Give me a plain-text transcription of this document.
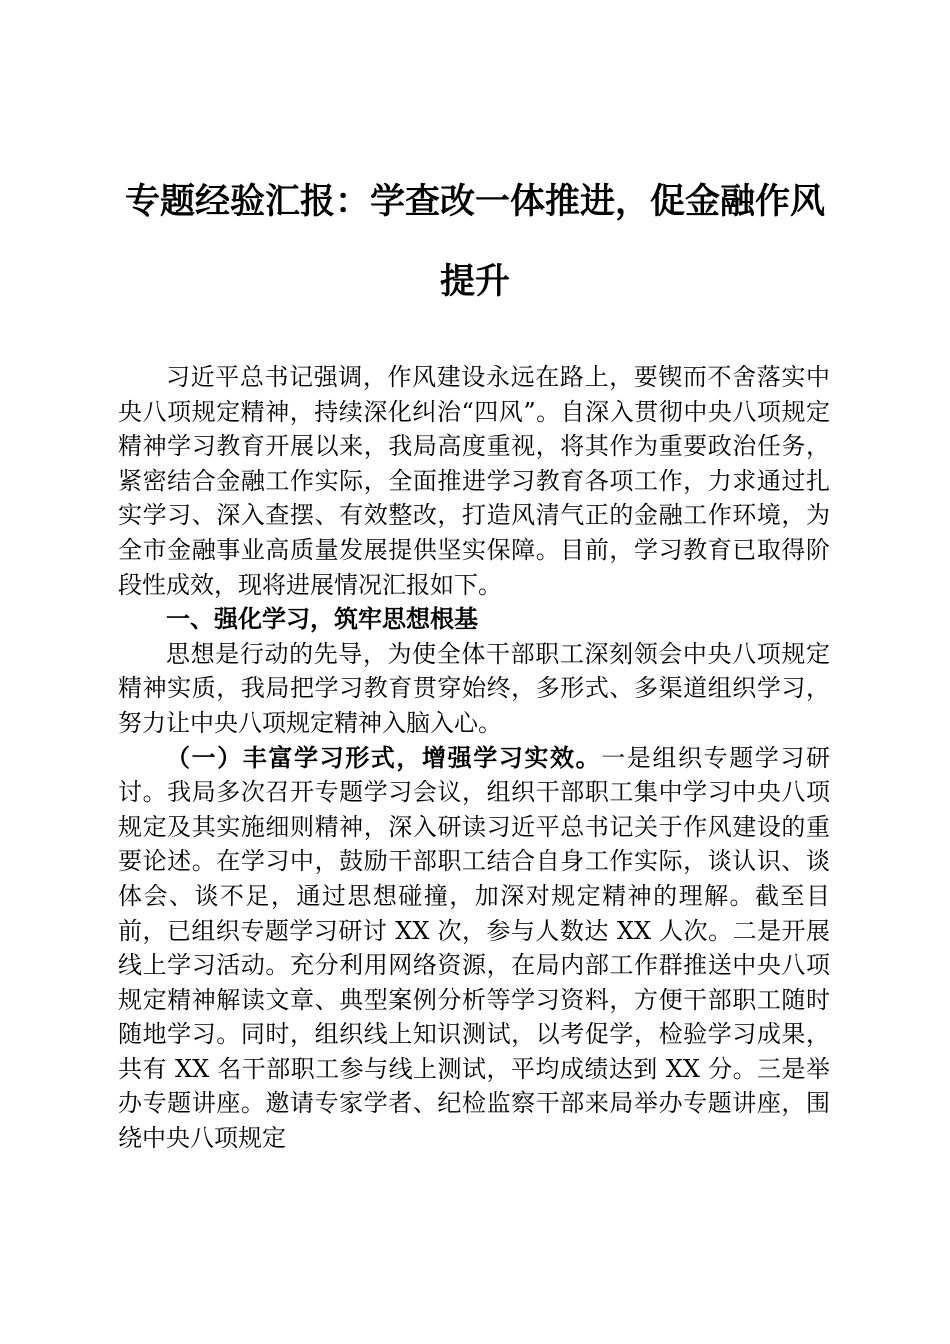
专题经验汇报：学查改一体推进，促金融作风
提升

习近平总书记强调，作风建设永远在路上，要锲而不舍落实中央八项规定精神，持续深化纠治“四风”。自深入贯彻中央八项规定精神学习教育开展以来，我局高度重视，将其作为重要政治任务，紧密结合金融工作实际，全面推进学习教育各项工作，力求通过扎实学习、深入查摆、有效整改，打造风清气正的金融工作环境，为全市金融事业高质量发展提供坚实保障。目前，学习教育已取得阶段性成效，现将进展情况汇报如下。

一、强化学习，筑牢思想根基

思想是行动的先导，为使全体干部职工深刻领会中央八项规定精神实质，我局把学习教育贯穿始终，多形式、多渠道组织学习，努力让中央八项规定精神入脑入心。

（一）丰富学习形式，增强学习实效。一是组织专题学习研讨。我局多次召开专题学习会议，组织干部职工集中学习中央八项规定及其实施细则精神，深入研读习近平总书记关于作风建设的重要论述。在学习中，鼓励干部职工结合自身工作实际，谈认识、谈体会、谈不足，通过思想碰撞，加深对规定精神的理解。截至目前，已组织专题学习研讨 XX 次，参与人数达 XX 人次。二是开展线上学习活动。充分利用网络资源，在局内部工作群推送中央八项规定精神解读文章、典型案例分析等学习资料，方便干部职工随时随地学习。同时，组织线上知识测试，以考促学，检验学习成果，共有 XX 名干部职工参与线上测试，平均成绩达到 XX 分。三是举办专题讲座。邀请专家学者、纪检监察干部来局举办专题讲座，围绕中央八项规定
